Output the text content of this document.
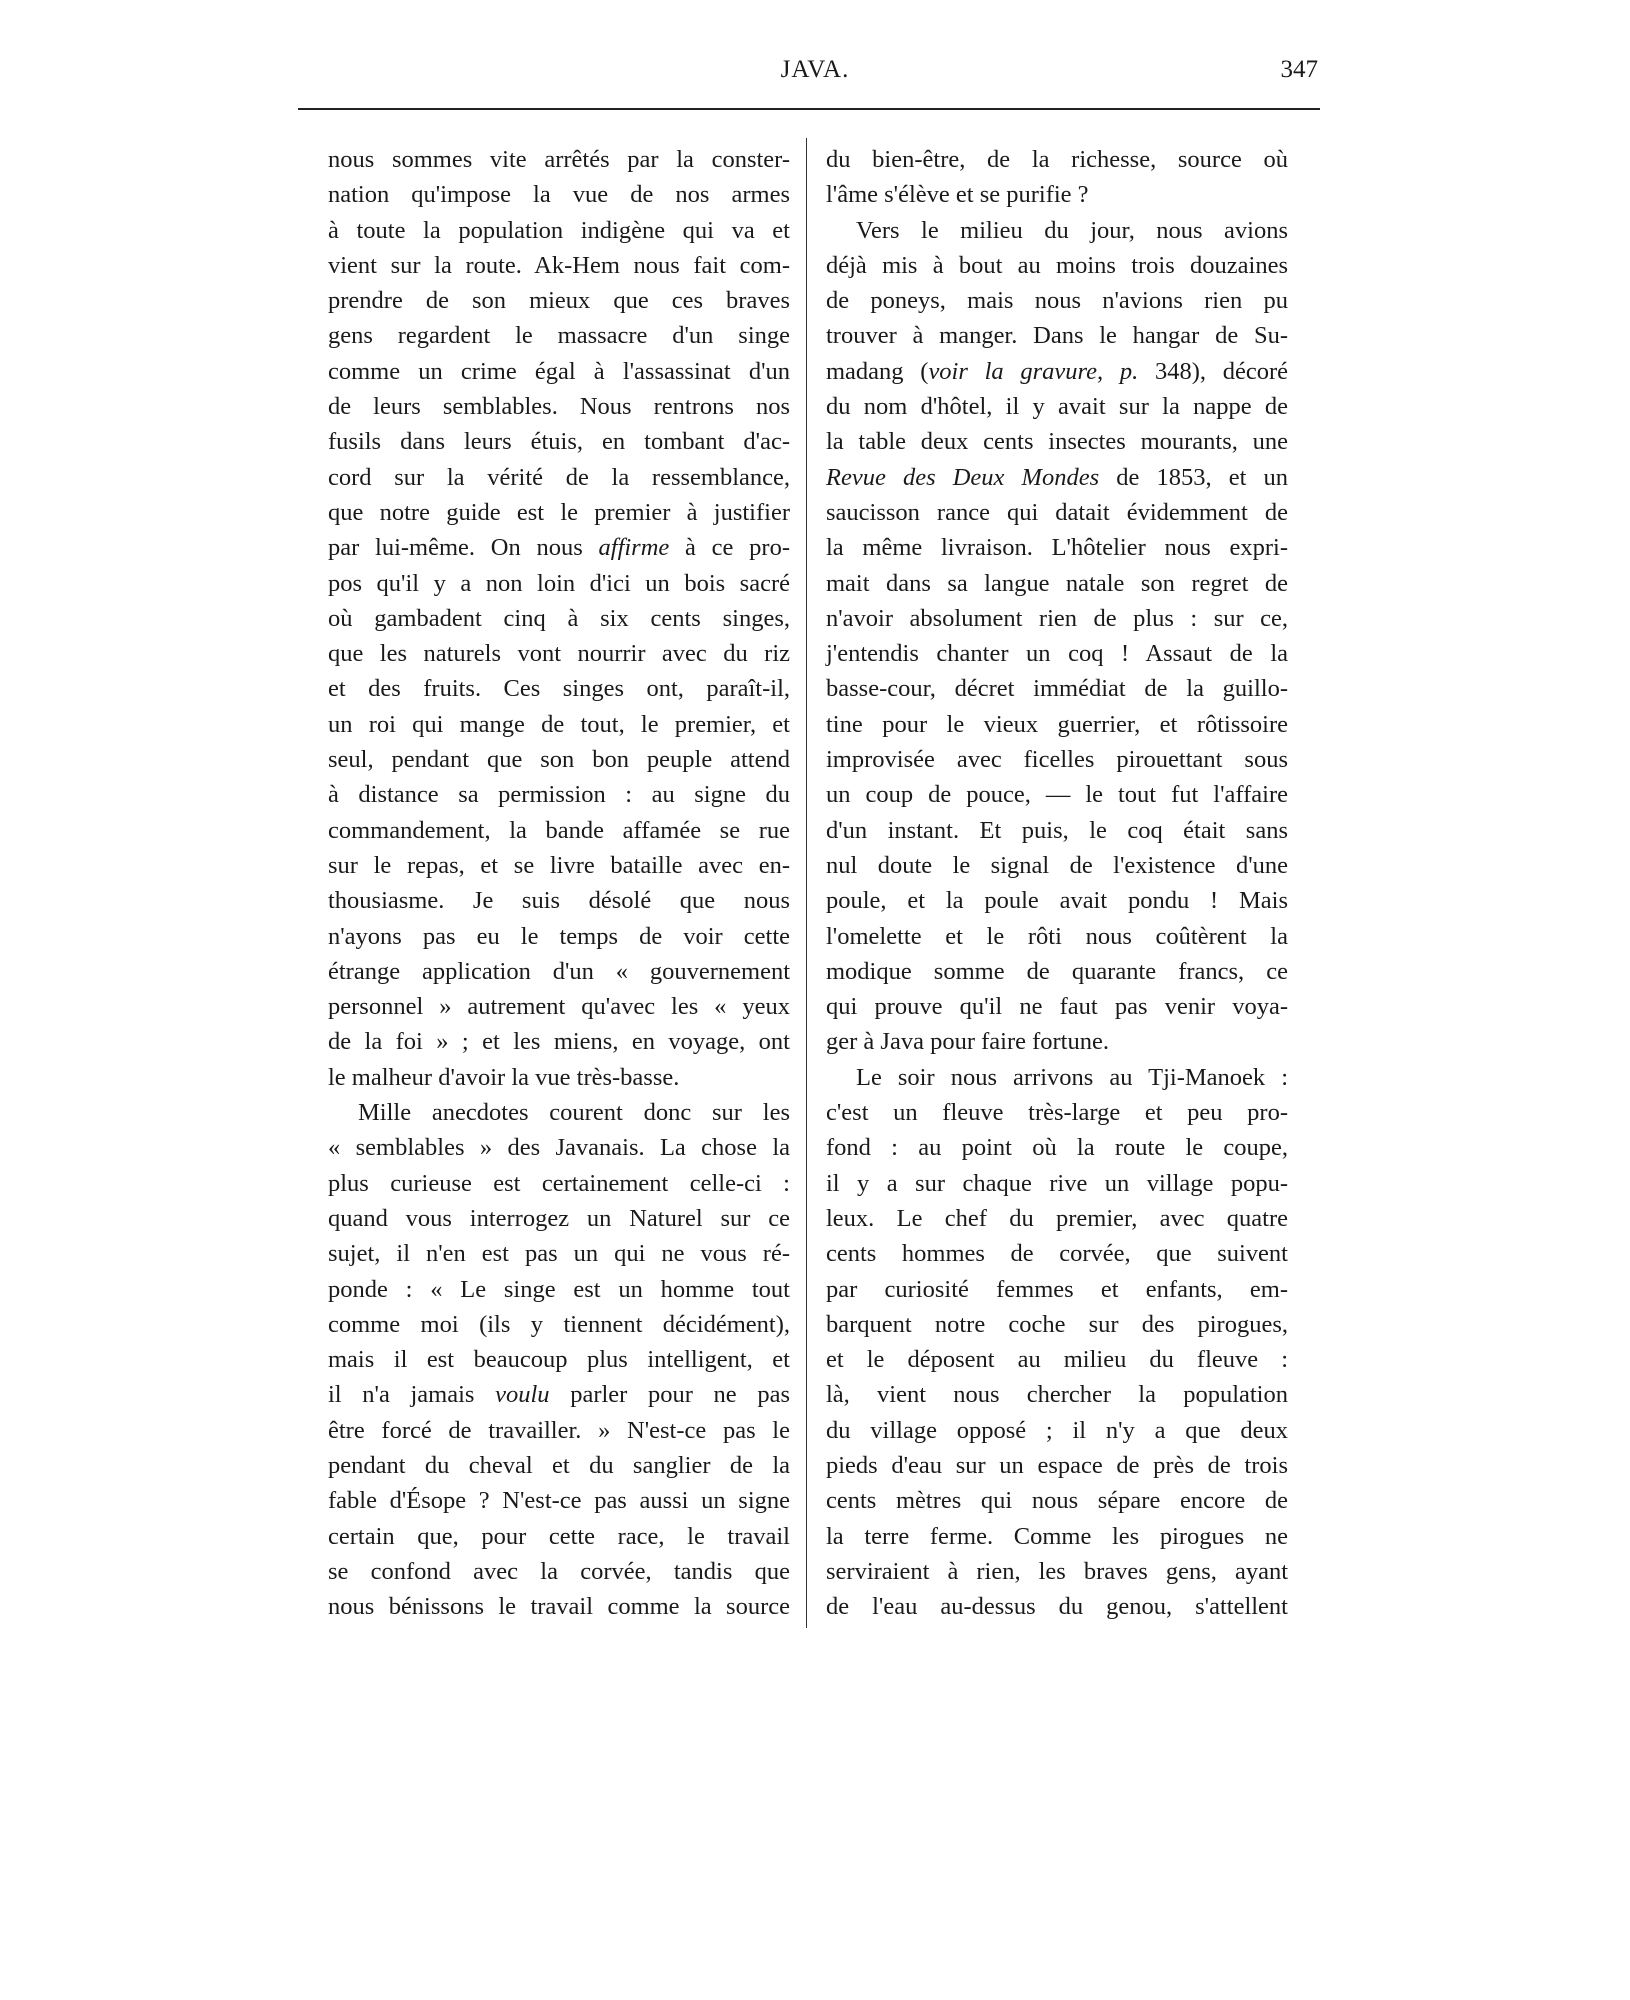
JAVA.	347
nous sommes vite arrêtés par la conster-
nation qu'impose la vue de nos armes
à toute la population indigène qui va et
vient sur la route. Ak-Hem nous fait com-
prendre de son mieux que ces braves
gens regardent le massacre d'un singe
comme un crime égal à l'assassinat d'un
de leurs semblables. Nous rentrons nos
fusils dans leurs étuis, en tombant d'ac-
cord sur la vérité de la ressemblance,
que notre guide est le premier à justifier
par lui-même. On nous affirme à ce pro-
pos qu'il y a non loin d'ici un bois sacré
où gambadent cinq à six cents singes,
que les naturels vont nourrir avec du riz
et des fruits. Ces singes ont, paraît-il,
un roi qui mange de tout, le premier, et
seul, pendant que son bon peuple attend
à distance sa permission : au signe du
commandement, la bande affamée se rue
sur le repas, et se livre bataille avec en-
thousiasme. Je suis désolé que nous
n'ayons pas eu le temps de voir cette
étrange application d'un « gouvernement
personnel » autrement qu'avec les « yeux
de la foi » ; et les miens, en voyage, ont
le malheur d'avoir la vue très-basse.
Mille anecdotes courent donc sur les
« semblables » des Javanais. La chose la
plus curieuse est certainement celle-ci :
quand vous interrogez un Naturel sur ce
sujet, il n'en est pas un qui ne vous ré-
ponde : « Le singe est un homme tout
comme moi (ils y tiennent décidément),
mais il est beaucoup plus intelligent, et
il n'a jamais voulu parler pour ne pas
être forcé de travailler. » N'est-ce pas le
pendant du cheval et du sanglier de la
fable d'Ésope ? N'est-ce pas aussi un signe
certain que, pour cette race, le travail
se confond avec la corvée, tandis que
nous bénissons le travail comme la source
du bien-être, de la richesse, source où
l'âme s'élève et se purifie ?
Vers le milieu du jour, nous avions
déjà mis à bout au moins trois douzaines
de poneys, mais nous n'avions rien pu
trouver à manger. Dans le hangar de Su-
madang (voir la gravure, p. 348), décoré
du nom d'hôtel, il y avait sur la nappe de
la table deux cents insectes mourants, une
Revue des Deux Mondes de 1853, et un
saucisson rance qui datait évidemment de
la même livraison. L'hôtelier nous expri-
mait dans sa langue natale son regret de
n'avoir absolument rien de plus : sur ce,
j'entendis chanter un coq ! Assaut de la
basse-cour, décret immédiat de la guillo-
tine pour le vieux guerrier, et rôtissoire
improvisée avec ficelles pirouettant sous
un coup de pouce, — le tout fut l'affaire
d'un instant. Et puis, le coq était sans
nul doute le signal de l'existence d'une
poule, et la poule avait pondu ! Mais
l'omelette et le rôti nous coûtèrent la
modique somme de quarante francs, ce
qui prouve qu'il ne faut pas venir voya-
ger à Java pour faire fortune.
Le soir nous arrivons au Tji-Manoek :
c'est un fleuve très-large et peu pro-
fond : au point où la route le coupe,
il y a sur chaque rive un village popu-
leux. Le chef du premier, avec quatre
cents hommes de corvée, que suivent
par curiosité femmes et enfants, em-
barquent notre coche sur des pirogues,
et le déposent au milieu du fleuve :
là, vient nous chercher la population
du village opposé ; il n'y a que deux
pieds d'eau sur un espace de près de trois
cents mètres qui nous sépare encore de
la terre ferme. Comme les pirogues ne
serviraient à rien, les braves gens, ayant
de l'eau au-dessus du genou, s'attellent
